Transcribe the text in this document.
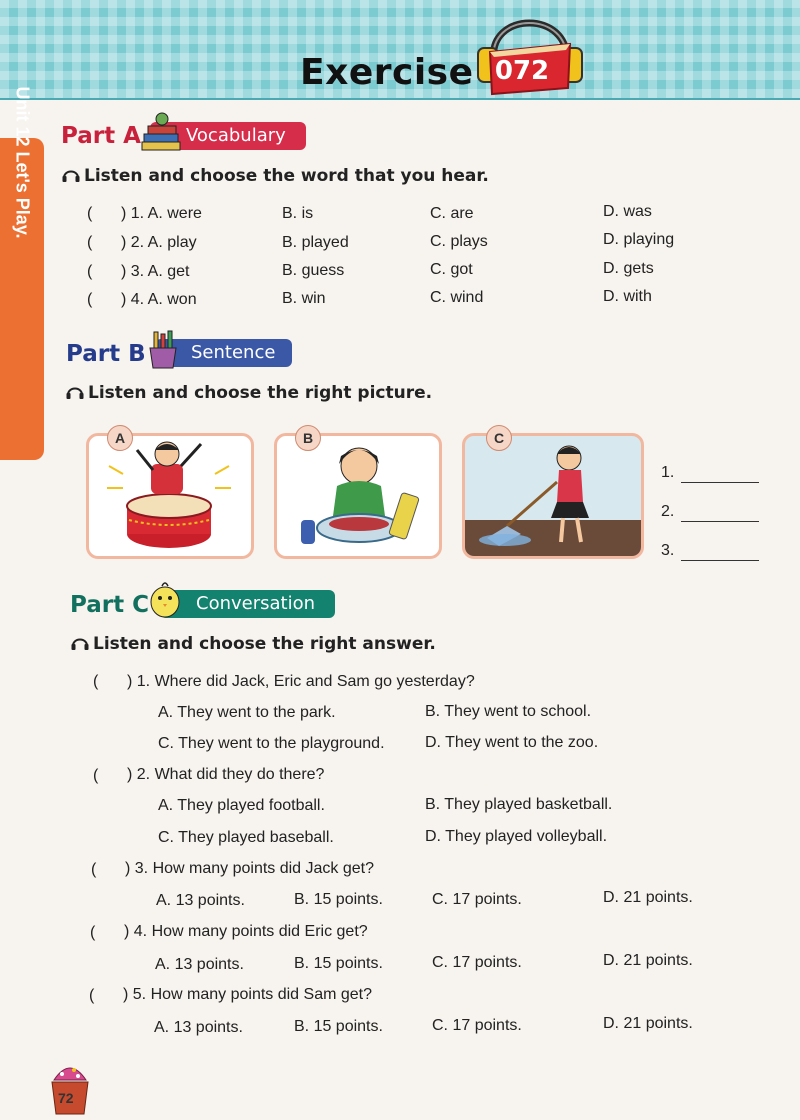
Exercise 072
Unit 12 Let's Play. Part A	Vocabulary
Listen and choose the word that you hear.
( ) 1. A. were	B. is	C. are	D. was
( ) 2. A. play	B. played	C. plays	D. playing
( ) 3. A. get	B. guess	C. got	D. gets
( ) 4. A. won	B. win	C. wind	D. with
Part B	Sentence
Listen and choose the right picture.
A	B	C
1.
2.
3.
Part C	Conversation
Listen and choose the right answer.
( ) 1. Where did Jack, Eric and Sam go yesterday?
A. They went to the park.	B. They went to school.
C. They went to the playground.	D. They went to the zoo.
( ) 2. What did they do there?
A. They played football.	B. They played basketball.
C. They played baseball.	D. They played volleyball.
( ) 3. How many points did Jack get?
A. 13 points.	B. 15 points.	C. 17 points.	D. 21 points.
( ) 4. How many points did Eric get?
A. 13 points.	B. 15 points.	C. 17 points.	D. 21 points.
( ) 5. How many points did Sam get?
A. 13 points.	B. 15 points.	C. 17 points.	D. 21 points.
72
